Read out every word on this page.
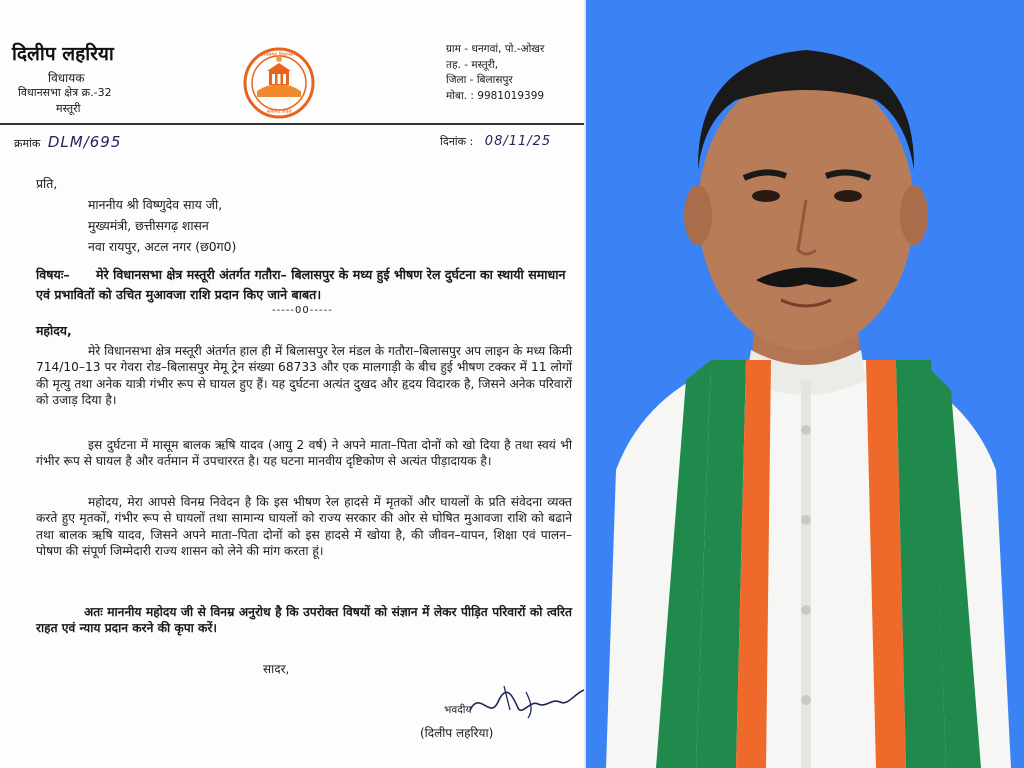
दिलीप लहरिया
विधायक
विधानसभा क्षेत्र क्र.-32
मस्तूरी
छत्तीसगढ़ विधानसभा
सत्यमेव जयते
ग्राम - धनगवां, पो.-ओखर
तह. - मस्तूरी,
जिला - बिलासपुर
मोबा. : 9981019399
क्रमांक DLM/695	दिनांक : 08/11/25
प्रति,
माननीय श्री विष्णुदेव साय जी,
मुख्यमंत्री, छत्तीसगढ़ शासन
नवा रायपुर, अटल नगर (छ0ग0)
विषयः– मेरे विधानसभा क्षेत्र मस्तूरी अंतर्गत गतौरा– बिलासपुर के मध्य हुई भीषण रेल दुर्घटना का स्थायी समाधान एवं प्रभावितों को उचित मुआवजा राशि प्रदान किए जाने बाबत।
-----00-----
महोदय,
मेरे विधानसभा क्षेत्र मस्तूरी अंतर्गत हाल ही में बिलासपुर रेल मंडल के गतौरा–बिलासपुर अप लाइन के मध्य किमी 714/10–13 पर गेवरा रोड–बिलासपुर मेमू ट्रेन संख्या 68733 और एक मालगाड़ी के बीच हुई भीषण टक्कर में 11 लोगों की मृत्यु तथा अनेक यात्री गंभीर रूप से घायल हुए हैं। यह दुर्घटना अत्यंत दुखद और हृदय विदारक है, जिसने अनेक परिवारों को उजाड़ दिया है।
इस दुर्घटना में मासूम बालक ऋषि यादव (आयु 2 वर्ष) ने अपने माता–पिता दोनों को खो दिया है तथा स्वयं भी गंभीर रूप से घायल है और वर्तमान में उपचाररत है। यह घटना मानवीय दृष्टिकोण से अत्यंत पीड़ादायक है।
महोदय, मेरा आपसे विनम्र निवेदन है कि इस भीषण रेल हादसे में मृतकों और घायलों के प्रति संवेदना व्यक्त करते हुए मृतकों, गंभीर रूप से घायलों तथा सामान्य घायलों को राज्य सरकार की ओर से घोषित मुआवजा राशि को बढाने तथा बालक ऋषि यादव, जिसने अपने माता–पिता दोनों को इस हादसे में खोया है, की जीवन–यापन, शिक्षा एवं पालन–पोषण की संपूर्ण जिम्मेदारी राज्य शासन को लेने की मांग करता हूं।
अतः माननीय महोदय जी से विनम्र अनुरोध है कि उपरोक्त विषयों को संज्ञान में लेकर पीड़ित परिवारों को त्वरित राहत एवं न्याय प्रदान करने की कृपा करें।
सादर,
भवदीय
(दिलीप लहरिया)
